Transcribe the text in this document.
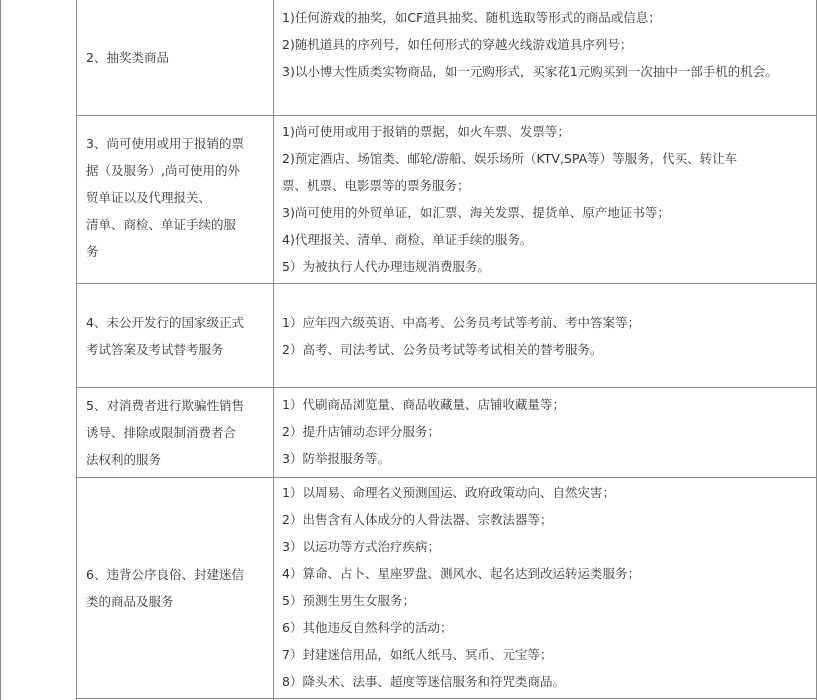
2、抽奖类商品
1)任何游戏的抽奖，如CF道具抽奖、随机选取等形式的商品或信息；
2)随机道具的序列号，如任何形式的穿越火线游戏道具序列号；
3)以小博大性质类实物商品，如一元购形式，买家花1元购买到一次抽中一部手机的机会。
3、尚可使用或用于报销的票
据（及服务）,尚可使用的外
贸单证以及代理报关、
清单、商检、单证手续的服
务
1)尚可使用或用于报销的票据，如火车票、发票等；
2)预定酒店、场馆类、邮轮/游船、娱乐场所（KTV,SPA等）等服务，代买、转让车
票、机票、电影票等的票务服务；
3)尚可使用的外贸单证，如汇票、海关发票、提货单、原产地证书等；
4)代理报关、清单、商检、单证手续的服务。
5）为被执行人代办理违规消费服务。
4、未公开发行的国家级正式
考试答案及考试替考服务
1）应年四六级英语、中高考、公务员考试等考前、考中答案等；
2）高考、司法考试、公务员考试等考试相关的替考服务。
5、对消费者进行欺骗性销售
诱导、排除或限制消费者合
法权利的服务
1）代刷商品浏览量、商品收藏量、店铺收藏量等；
2）提升店铺动态评分服务；
3）防举报服务等。
6、违背公序良俗、封建迷信
类的商品及服务
1）以周易、命理名义预测国运、政府政策动向、自然灾害；
2）出售含有人体成分的人骨法器、宗教法器等；
3）以运功等方式治疗疾病；
4）算命、占卜、星座罗盘、测风水、起名达到改运转运类服务；
5）预测生男生女服务；
6）其他违反自然科学的活动；
7）封建迷信用品，如纸人纸马、冥币、元宝等；
8）降头术、法事、超度等迷信服务和符咒类商品。
